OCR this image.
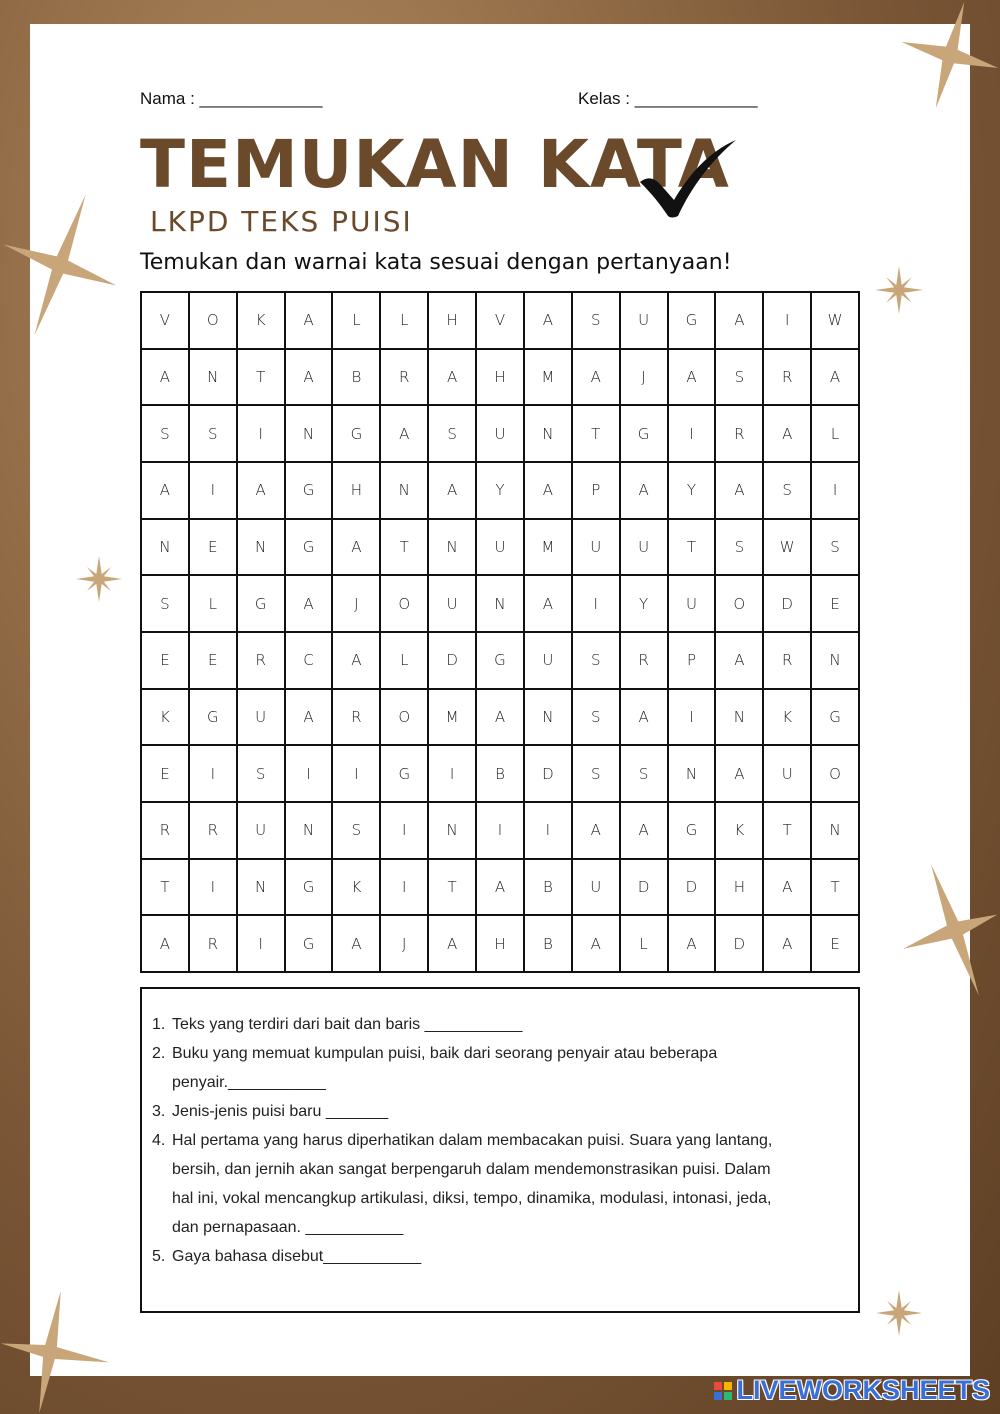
Nama : _____________	Kelas : _____________
TEMUKAN KATA
LKPD TEKS PUISI
Temukan dan warnai kata sesuai dengan pertanyaan!
V	O	K	A	L	L	H	V	A	S	U	G	A	I	W
A	N	T	A	B	R	A	H	M	A	J	A	S	R	A
S	S	I	N	G	A	S	U	N	T	G	I	R	A	L
A	I	A	G	H	N	A	Y	A	P	A	Y	A	S	I
N	E	N	G	A	T	N	U	M	U	U	T	S	W	S
S	L	G	A	J	O	U	N	A	I	Y	U	O	D	E
E	E	R	C	A	L	D	G	U	S	R	P	A	R	N
K	G	U	A	R	O	M	A	N	S	A	I	N	K	G
E	I	S	I	I	G	I	B	D	S	S	N	A	U	O
R	R	U	N	S	I	N	I	I	A	A	G	K	T	N
T	I	N	G	K	I	T	A	B	U	D	D	H	A	T
A	R	I	G	A	J	A	H	B	A	L	A	D	A	E
1. Teks yang terdiri dari bait dan baris ___________
2. Buku yang memuat kumpulan puisi, baik dari seorang penyair atau beberapa
penyair.___________
3. Jenis-jenis puisi baru _______
4. Hal pertama yang harus diperhatikan dalam membacakan puisi. Suara yang lantang,
bersih, dan jernih akan sangat berpengaruh dalam mendemonstrasikan puisi. Dalam
hal ini, vokal mencangkup artikulasi, diksi, tempo, dinamika, modulasi, intonasi, jeda,
dan pernapasaan. ___________
5. Gaya bahasa disebut___________
LIVEWORKSHEETS
